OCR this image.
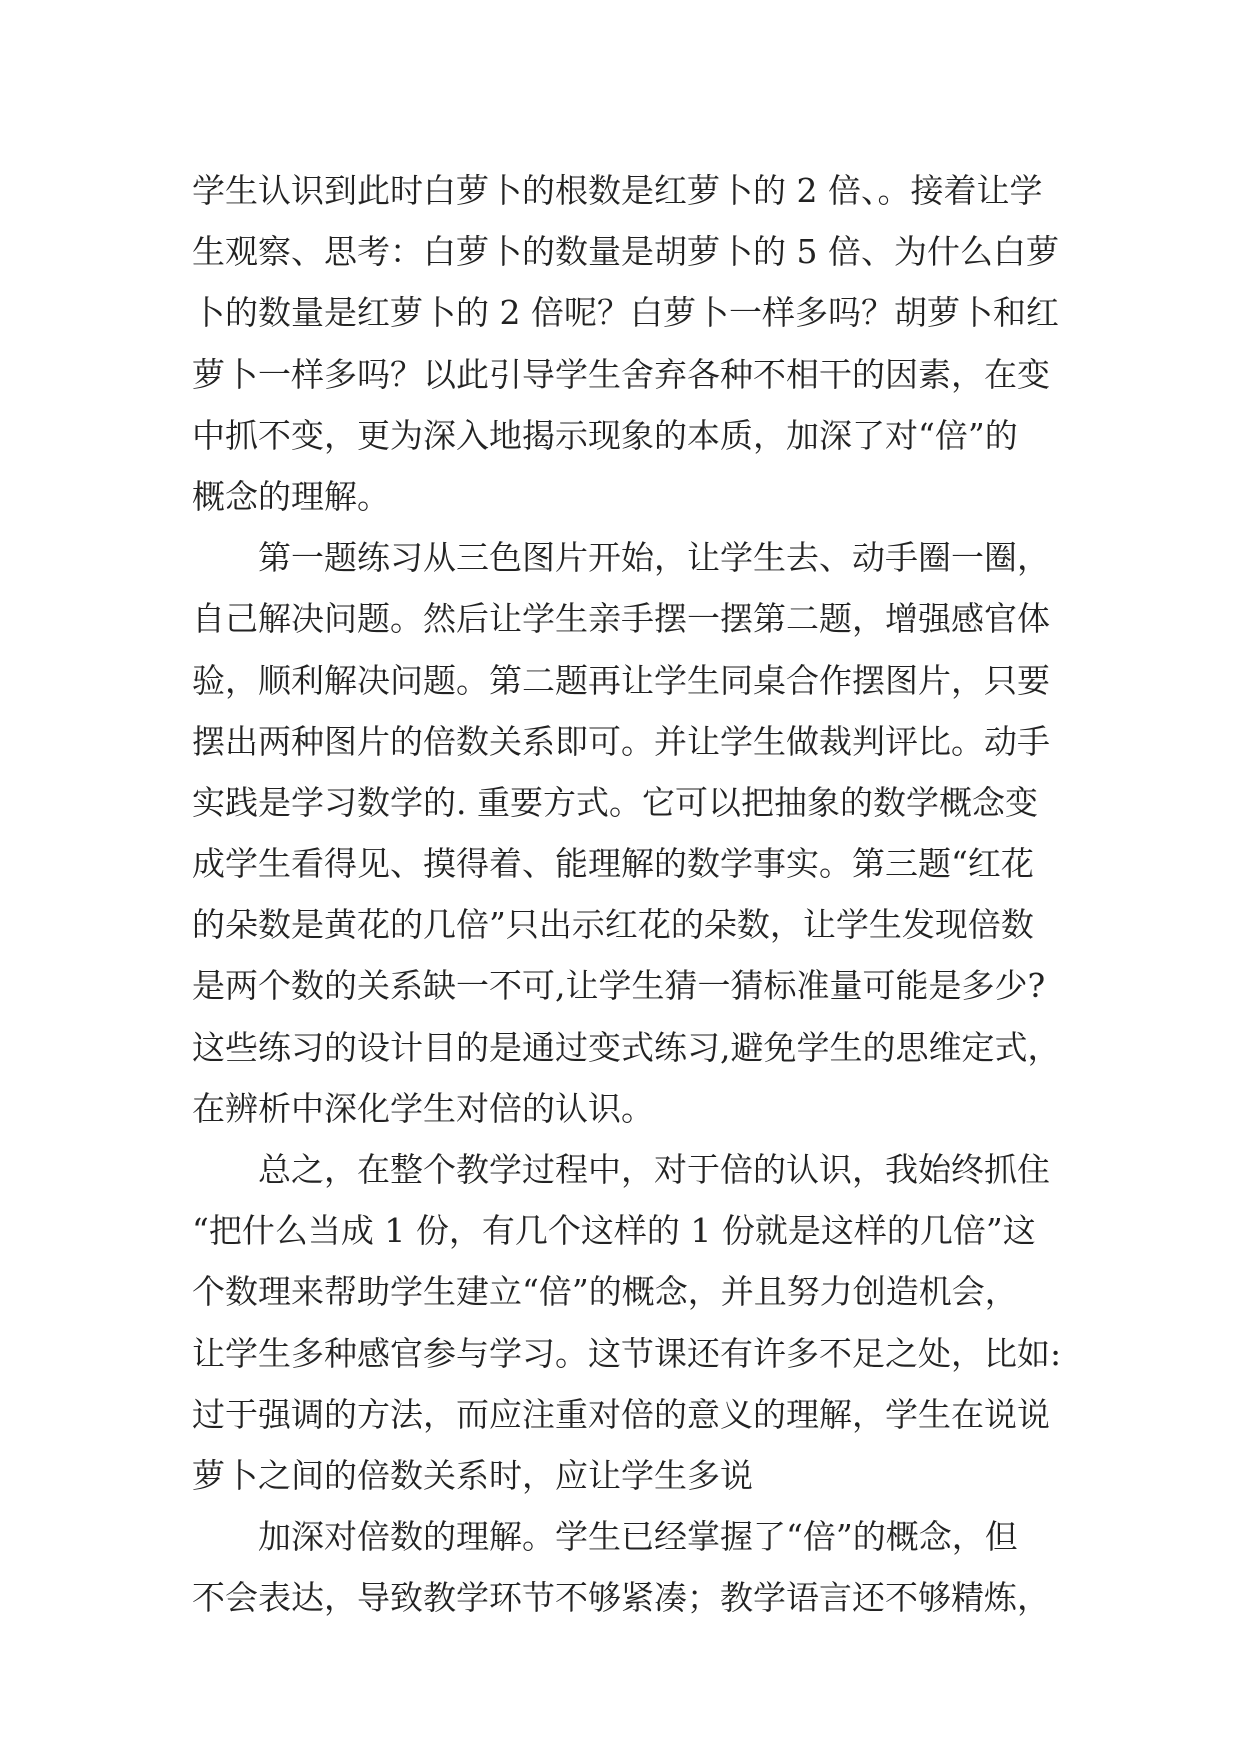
学生认识到此时白萝卜的根数是红萝卜的 2 倍、。接着让学
生观察、思考：白萝卜的数量是胡萝卜的 5 倍、为什么白萝
卜的数量是红萝卜的 2 倍呢？白萝卜一样多吗？胡萝卜和红
萝卜一样多吗？以此引导学生舍弃各种不相干的因素，在变
中抓不变，更为深入地揭示现象的本质，加深了对“倍”的
概念的理解。
第一题练习从三色图片开始，让学生去、动手圈一圈，
自己解决问题。然后让学生亲手摆一摆第二题，增强感官体
验，顺利解决问题。第二题再让学生同桌合作摆图片，只要
摆出两种图片的倍数关系即可。并让学生做裁判评比。动手
实践是学习数学的. 重要方式。它可以把抽象的数学概念变
成学生看得见、摸得着、能理解的数学事实。第三题“红花
的朵数是黄花的几倍”只出示红花的朵数，让学生发现倍数
是两个数的关系缺一不可,让学生猜一猜标准量可能是多少?
这些练习的设计目的是通过变式练习,避免学生的思维定式，
在辨析中深化学生对倍的认识。
总之，在整个教学过程中，对于倍的认识，我始终抓住
“把什么当成 1 份，有几个这样的 1 份就是这样的几倍”这
个数理来帮助学生建立“倍”的概念，并且努力创造机会，
让学生多种感官参与学习。这节课还有许多不足之处，比如:
过于强调的方法，而应注重对倍的意义的理解，学生在说说
萝卜之间的倍数关系时，应让学生多说
加深对倍数的理解。学生已经掌握了“倍”的概念，但
不会表达，导致教学环节不够紧凑；教学语言还不够精炼，
